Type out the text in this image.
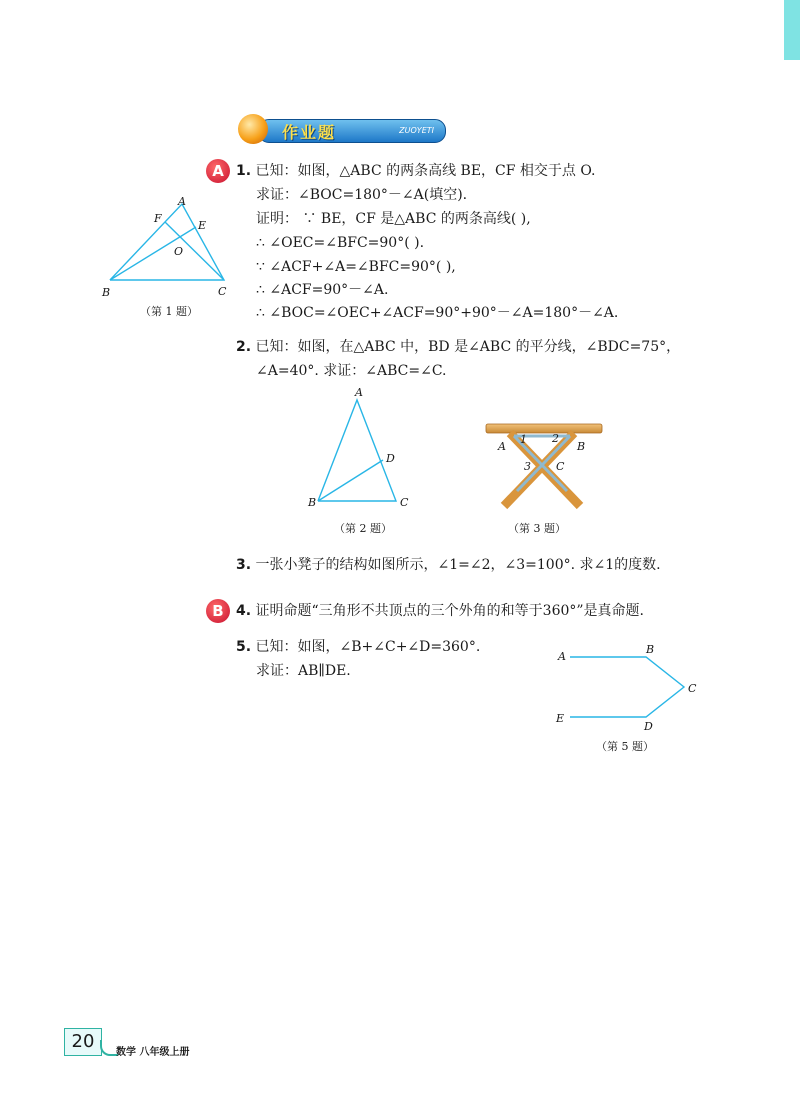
作业题	ZUOYETI
A 1. 已知：如图，△ABC 的两条高线 BE，CF 相交于点 O.
求证：∠BOC=180°－∠A(填空).
证明： ∵ BE，CF 是△ABC 的两条高线( ),
∴ ∠OEC=∠BFC=90°( ).
∵ ∠ACF+∠A=∠BFC=90°( ),
∴ ∠ACF=90°－∠A.
∴ ∠BOC=∠OEC+∠ACF=90°+90°－∠A=180°－∠A.
A
F
E
O
B	C
（第 1 题）
2. 已知：如图，在△ABC 中，BD 是∠ABC 的平分线，∠BDC=75°，
∠A=40°. 求证：∠ABC=∠C.
A
D
B	C
（第 2 题）
A
1 2
B
3 C
（第 3 题）
3. 一张小凳子的结构如图所示，∠1=∠2，∠3=100°. 求∠1的度数.
B 4. 证明命题“三角形不共顶点的三个外角的和等于360°”是真命题.
5. 已知：如图，∠B+∠C+∠D=360°.
求证：AB∥DE.
A
B
C
E
D
（第 5 题）
20
数学 八年级上册
